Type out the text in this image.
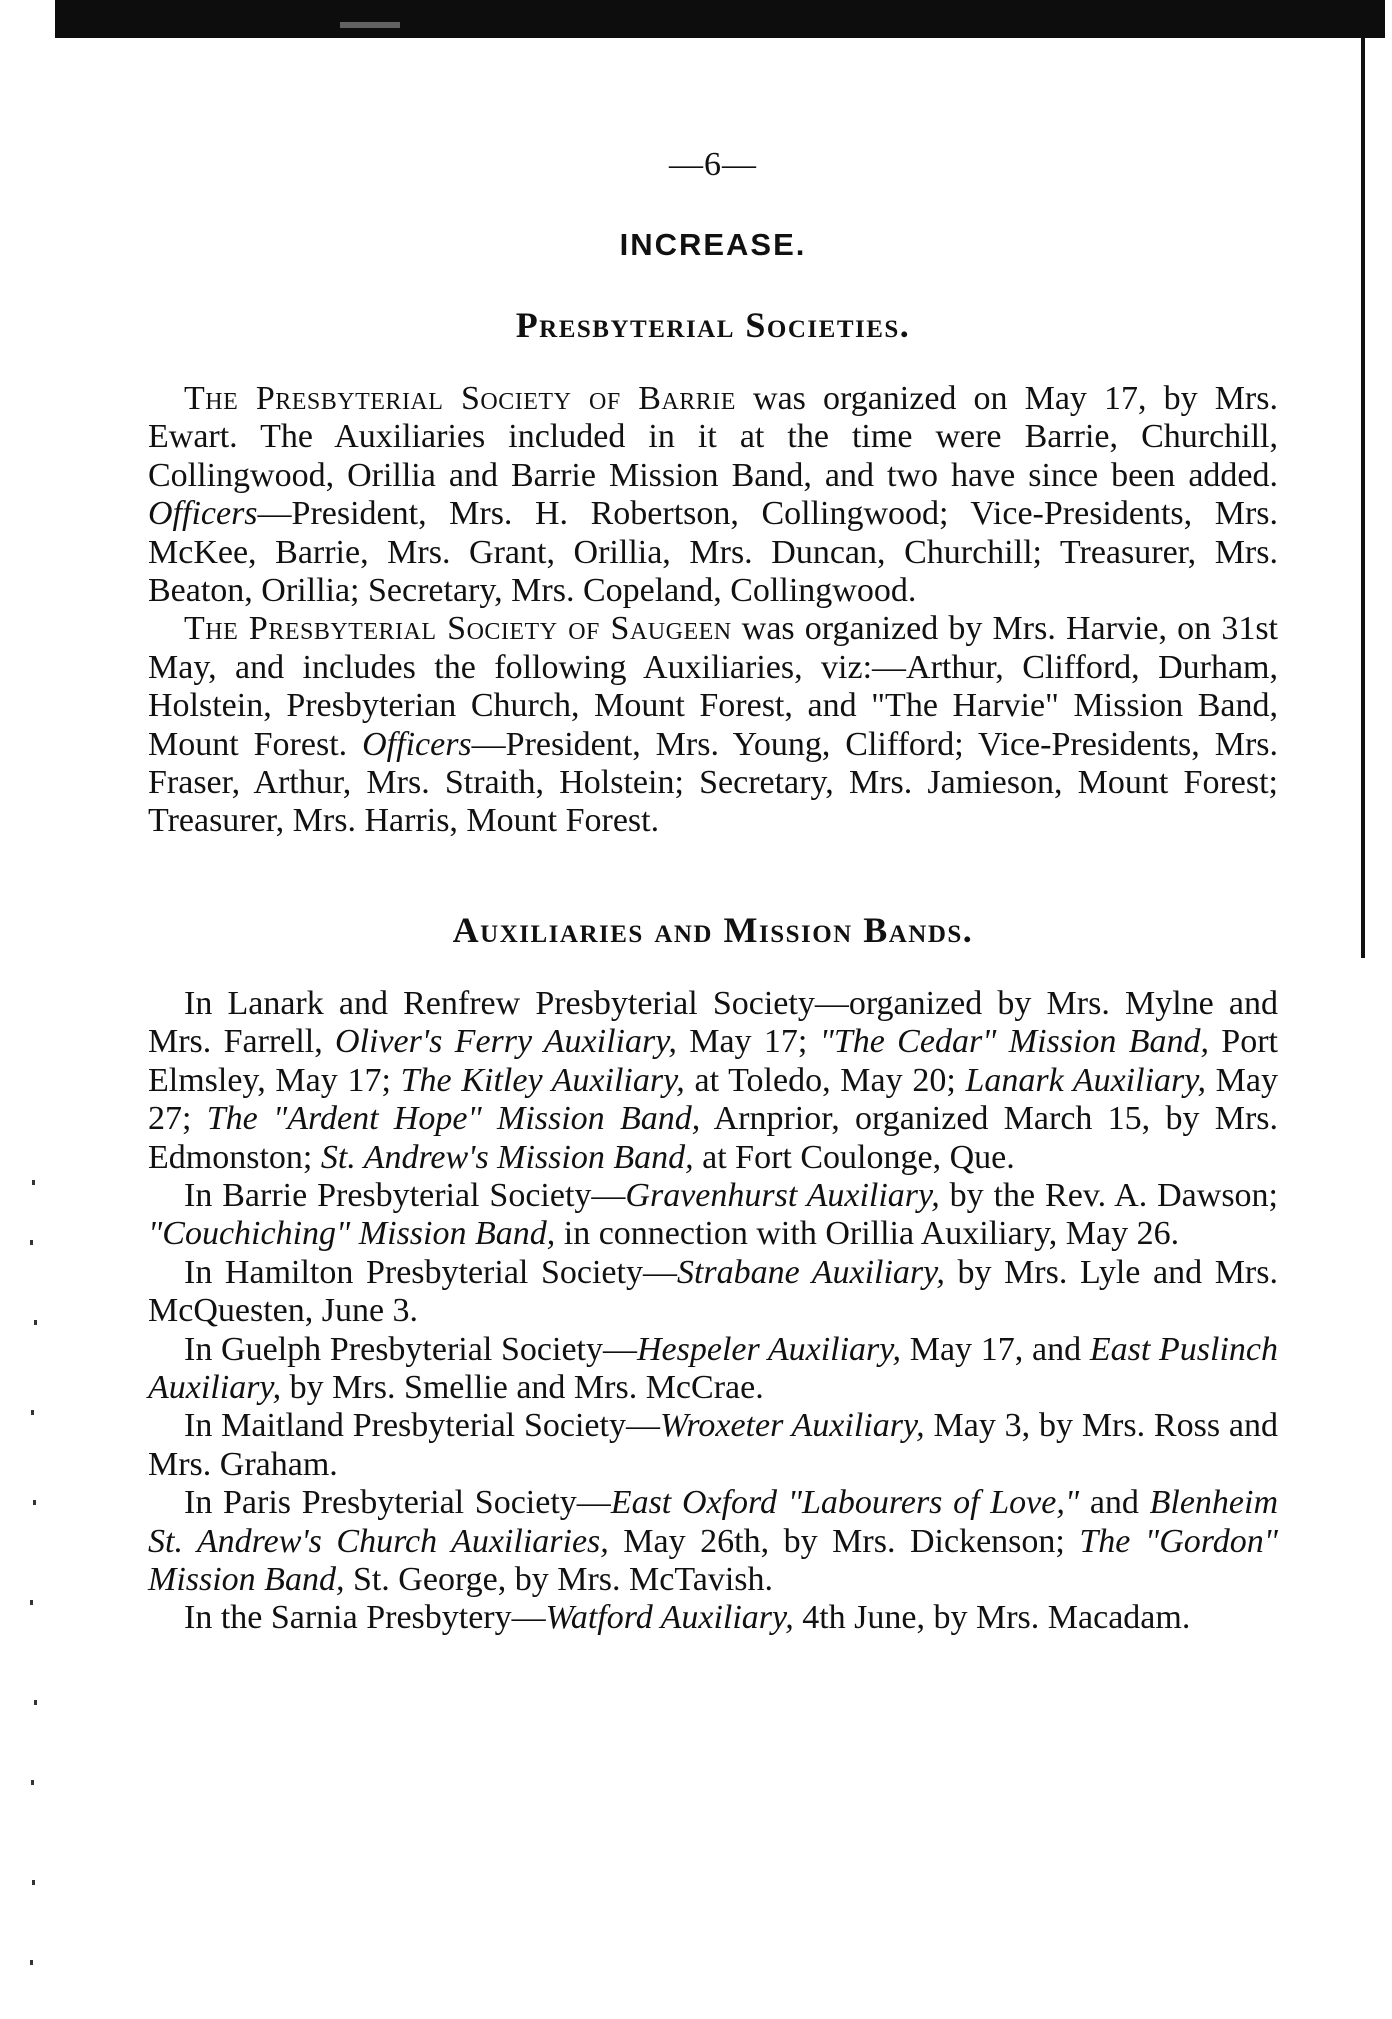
—6—
INCREASE.
Presbyterial Societies.

The Presbyterial Society of Barrie was organized on May 17, by Mrs. Ewart. The Auxiliaries included in it at the time were Barrie, Churchill, Collingwood, Orillia and Barrie Mission Band, and two have since been added. Officers—President, Mrs. H. Robertson, Collingwood; Vice-Presidents, Mrs. McKee, Barrie, Mrs. Grant, Orillia, Mrs. Duncan, Churchill; Treasurer, Mrs. Beaton, Orillia; Secretary, Mrs. Copeland, Collingwood.

The Presbyterial Society of Saugeen was organized by Mrs. Harvie, on 31st May, and includes the following Auxiliaries, viz:—Arthur, Clifford, Durham, Holstein, Presbyterian Church, Mount Forest, and "The Harvie" Mission Band, Mount Forest. Officers—President, Mrs. Young, Clifford; Vice-Presidents, Mrs. Fraser, Arthur, Mrs. Straith, Holstein; Secretary, Mrs. Jamieson, Mount Forest; Treasurer, Mrs. Harris, Mount Forest.

Auxiliaries and Mission Bands.

In Lanark and Renfrew Presbyterial Society—organized by Mrs. Mylne and Mrs. Farrell, Oliver's Ferry Auxiliary, May 17; "The Cedar" Mission Band, Port Elmsley, May 17; The Kitley Auxiliary, at Toledo, May 20; Lanark Auxiliary, May 27; The "Ardent Hope" Mission Band, Arnprior, organized March 15, by Mrs. Edmonston; St. Andrew's Mission Band, at Fort Coulonge, Que.

In Barrie Presbyterial Society—Gravenhurst Auxiliary, by the Rev. A. Dawson; "Couchiching" Mission Band, in connection with Orillia Auxiliary, May 26.

In Hamilton Presbyterial Society—Strabane Auxiliary, by Mrs. Lyle and Mrs. McQuesten, June 3.

In Guelph Presbyterial Society—Hespeler Auxiliary, May 17, and East Puslinch Auxiliary, by Mrs. Smellie and Mrs. McCrae.

In Maitland Presbyterial Society—Wroxeter Auxiliary, May 3, by Mrs. Ross and Mrs. Graham.

In Paris Presbyterial Society—East Oxford "Labourers of Love," and Blenheim St. Andrew's Church Auxiliaries, May 26th, by Mrs. Dickenson; The "Gordon" Mission Band, St. George, by Mrs. McTavish.

In the Sarnia Presbytery—Watford Auxiliary, 4th June, by Mrs. Macadam.
